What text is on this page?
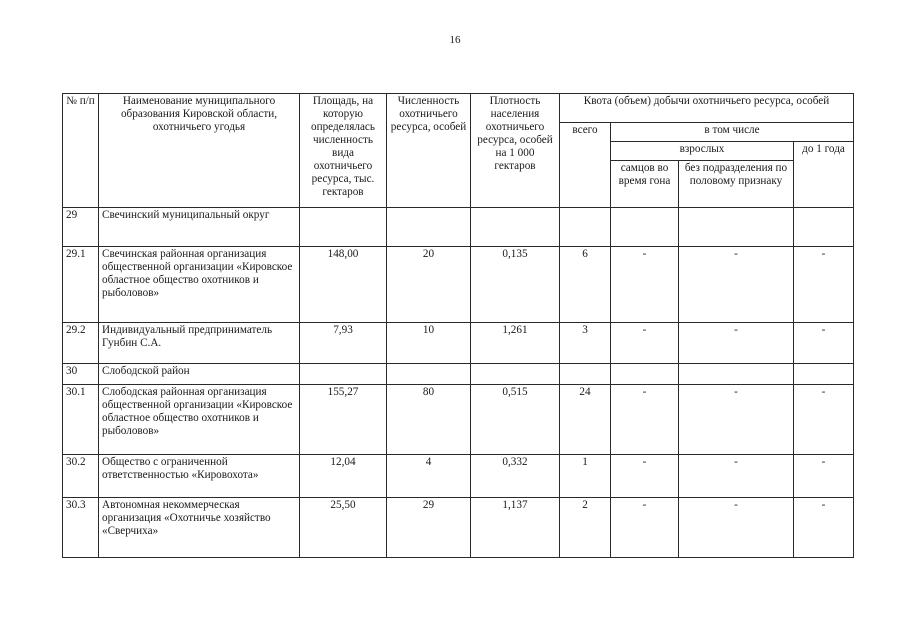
16
№ п/п	Наименование муниципального образования Кировской области, охотничьего угодья	Площадь, на которую определялась численность вида охотничьего ресурса, тыс. гектаров	Численность охотничьего ресурса, особей	Плотность населения охотничьего ресурса, особей на 1 000 гектаров	Квота (объем) добычи охотничьего ресурса, особей			
					всего	в том числе		
						взрослых		до 1 года
						самцов во время гона	без подразделения по половому признаку	
29	Свечинский муниципальный округ							
29.1	Свечинская районная организация общественной организации «Кировское областное общество охотников и рыболовов»	148,00	20	0,135	6	-	-	-
29.2	Индивидуальный предприниматель Гунбин С.А.	7,93	10	1,261	3	-	-	-
30	Слободской район							
30.1	Слободская районная организация общественной организации «Кировское областное общество охотников и рыболовов»	155,27	80	0,515	24	-	-	-
30.2	Общество с ограниченной ответственностью «Кировохота»	12,04	4	0,332	1	-	-	-
30.3	Автономная некоммерческая организация «Охотничье хозяйство «Сверчиха»	25,50	29	1,137	2	-	-	-
